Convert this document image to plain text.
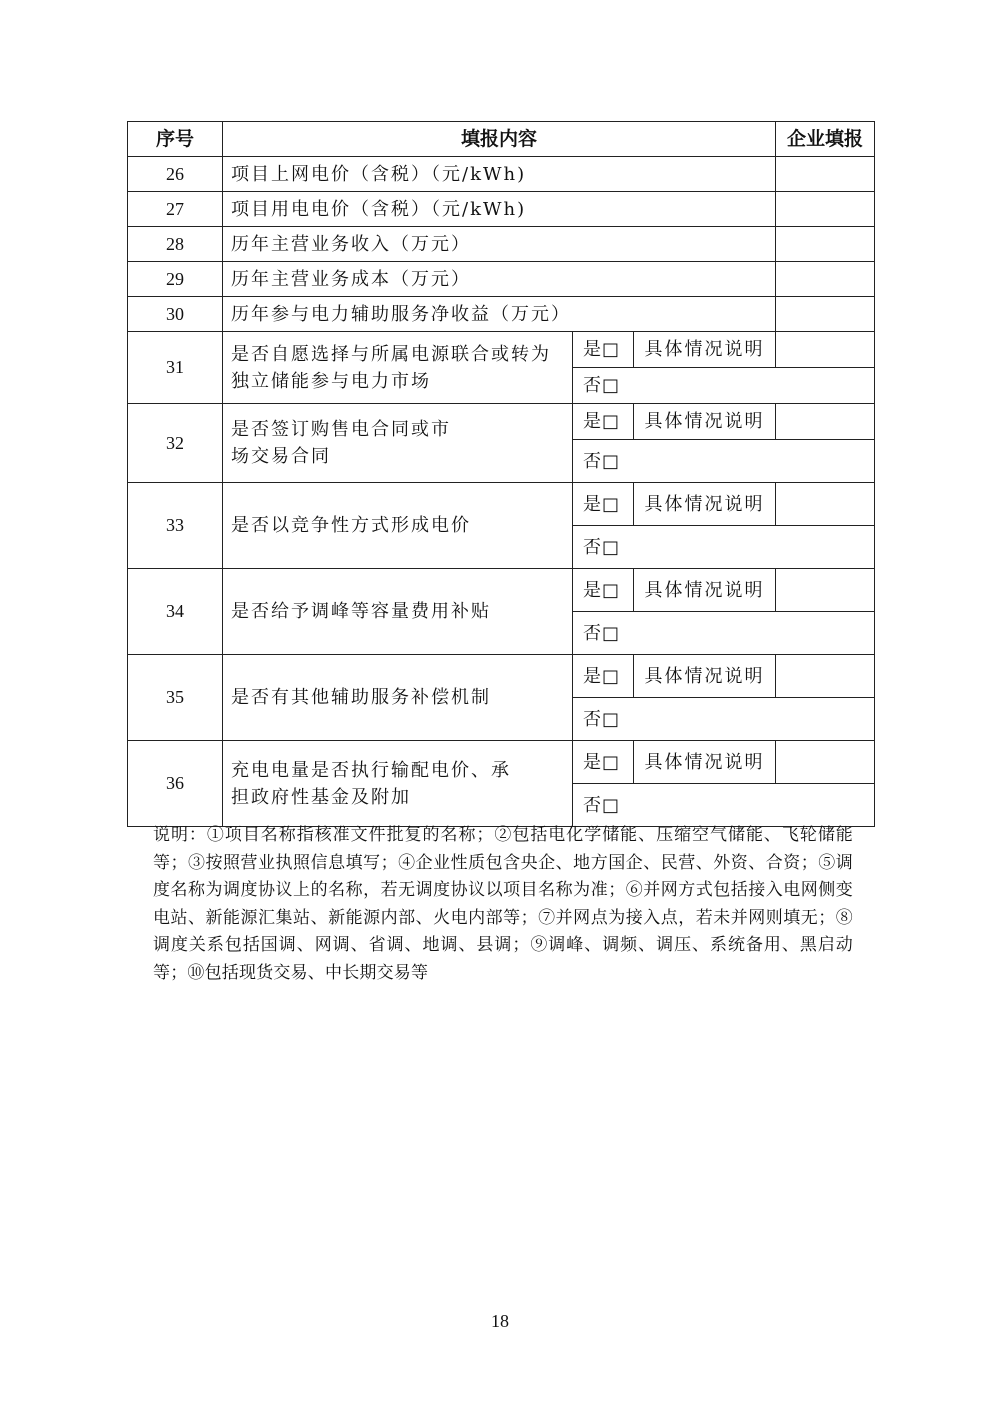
序号	填报内容			企业填报
26	项目上网电价（含税）（元/kWh)			
27	项目用电电价（含税）（元/kWh)			
28	历年主营业务收入（万元）			
29	历年主营业务成本（万元）			
30	历年参与电力辅助服务净收益（万元）			
31	是否自愿选择与所属电源联合或转为独立储能参与电力市场	是□	具体情况说明	
		否□		
32	是否签订购售电合同或市场交易合同	是□	具体情况说明	
		否□		
33	是否以竞争性方式形成电价	是□	具体情况说明	
		否□		
34	是否给予调峰等容量费用补贴	是□	具体情况说明	
		否□		
35	是否有其他辅助服务补偿机制	是□	具体情况说明	
		否□		
36	充电电量是否执行输配电价、承担政府性基金及附加	是□	具体情况说明	
		否□		
说明：①项目名称指核准文件批复的名称；②包括电化学储能、压缩空气储能、飞轮储能等；③按照营业执照信息填写；④企业性质包含央企、地方国企、民营、外资、合资；⑤调度名称为调度协议上的名称，若无调度协议以项目名称为准；⑥并网方式包括接入电网侧变电站、新能源汇集站、新能源内部、火电内部等；⑦并网点为接入点，若未并网则填无；⑧调度关系包括国调、网调、省调、地调、县调；⑨调峰、调频、调压、系统备用、黑启动等；⑩包括现货交易、中长期交易等
18
